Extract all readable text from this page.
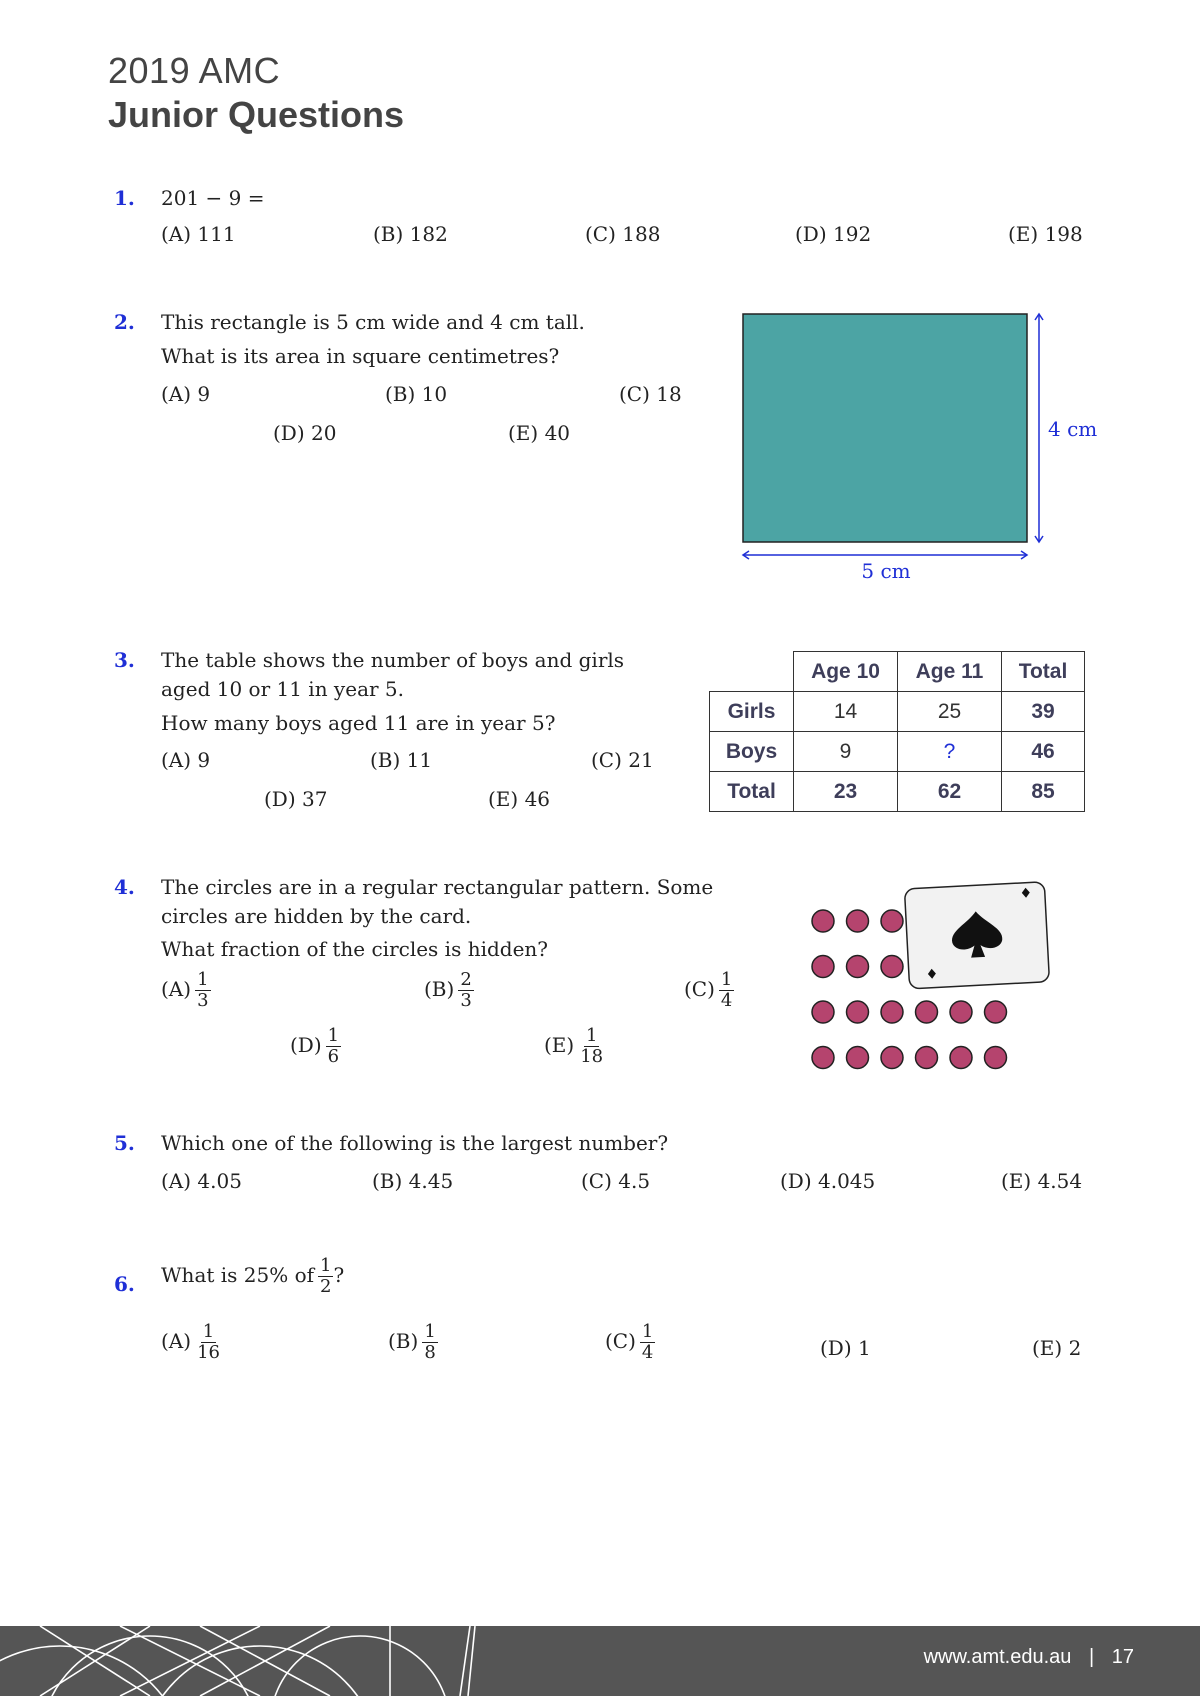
2019 AMC
Junior Questions
1. 201 − 9 =
(A) 111	(B) 182	(C) 188	(D) 192	(E) 198
2. This rectangle is 5 cm wide and 4 cm tall.
What is its area in square centimetres?
(A) 9	(B) 10	(C) 18
(D) 20	(E) 40	4 cm
5 cm
3. The table shows the number of boys and girls
aged 10 or 11 in year 5.
How many boys aged 11 are in year 5?
(A) 9	(B) 11	(C) 21
(D) 37	(E) 46
	Age 10	Age 11	Total
Girls	14	25	39
Boys	9	?	46
Total	23	62	85
4. The circles are in a regular rectangular pattern. Some
circles are hidden by the card.
What fraction of the circles is hidden?
$(A) \frac{1}{3}$	$(B) \frac{2}{3}$	$(C) \frac{1}{4}$
$(D) \frac{1}{6}$	$(E) \frac{1}{18}$
5. Which one of the following is the largest number?
(A) 4.05	(B) 4.45	(C) 4.5	(D) 4.045	(E) 4.54
6. What is 25% of $\frac{1}{2}$ ?
$(A) \frac{1}{16}$	$(B) \frac{1}{8}$	$(C) \frac{1}{4}$	(D) 1	(E) 2
www.amt.edu.au | 17
